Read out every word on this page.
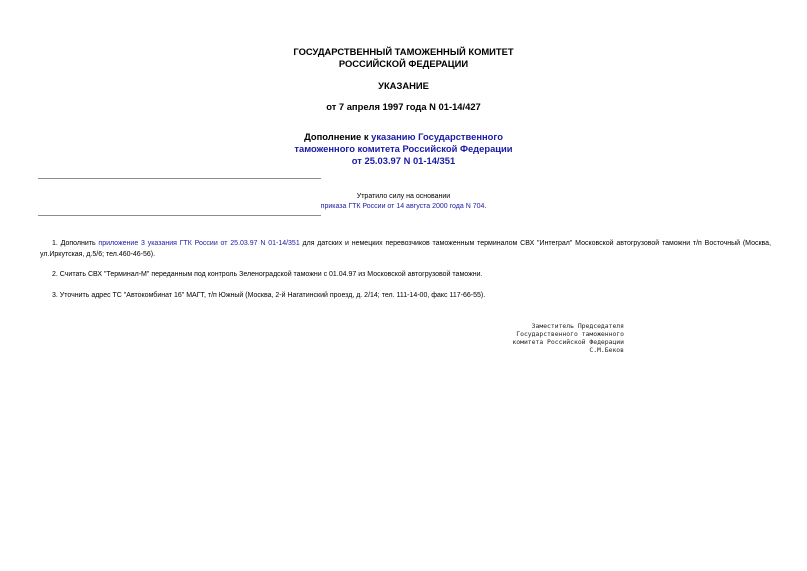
ГОСУДАРСТВЕННЫЙ ТАМОЖЕННЫЙ КОМИТЕТ
РОССИЙСКОЙ ФЕДЕРАЦИИ
УКАЗАНИЕ
от 7 апреля 1997 года N 01-14/427
Дополнение к указанию Государственного
таможенного комитета Российской Федерации
от 25.03.97 N 01-14/351
Утратило силу на основании
приказа ГТК России от 14 августа 2000 года N 704.
1. Дополнить приложение 3 указания ГТК России от 25.03.97 N 01-14/351 для датских и немецких перевозчиков таможенным терминалом СВХ "Интеграл" Московской автогрузовой таможни т/п Восточный (Москва, ул.Иркутская, д.5/6; тел.460-46-56).
2. Считать СВХ "Терминал-М" переданным под контроль Зеленоградской таможни с 01.04.97 из Московской автогрузовой таможни.
3. Уточнить адрес ТС "Автокомбинат 16" МАГТ, т/п Южный (Москва, 2-й Нагатинский проезд, д. 2/14; тел. 111-14-00, факс 117-66-55).
Заместитель Председателя
Государственного таможенного
комитета Российской Федерации
С.М.Беков
